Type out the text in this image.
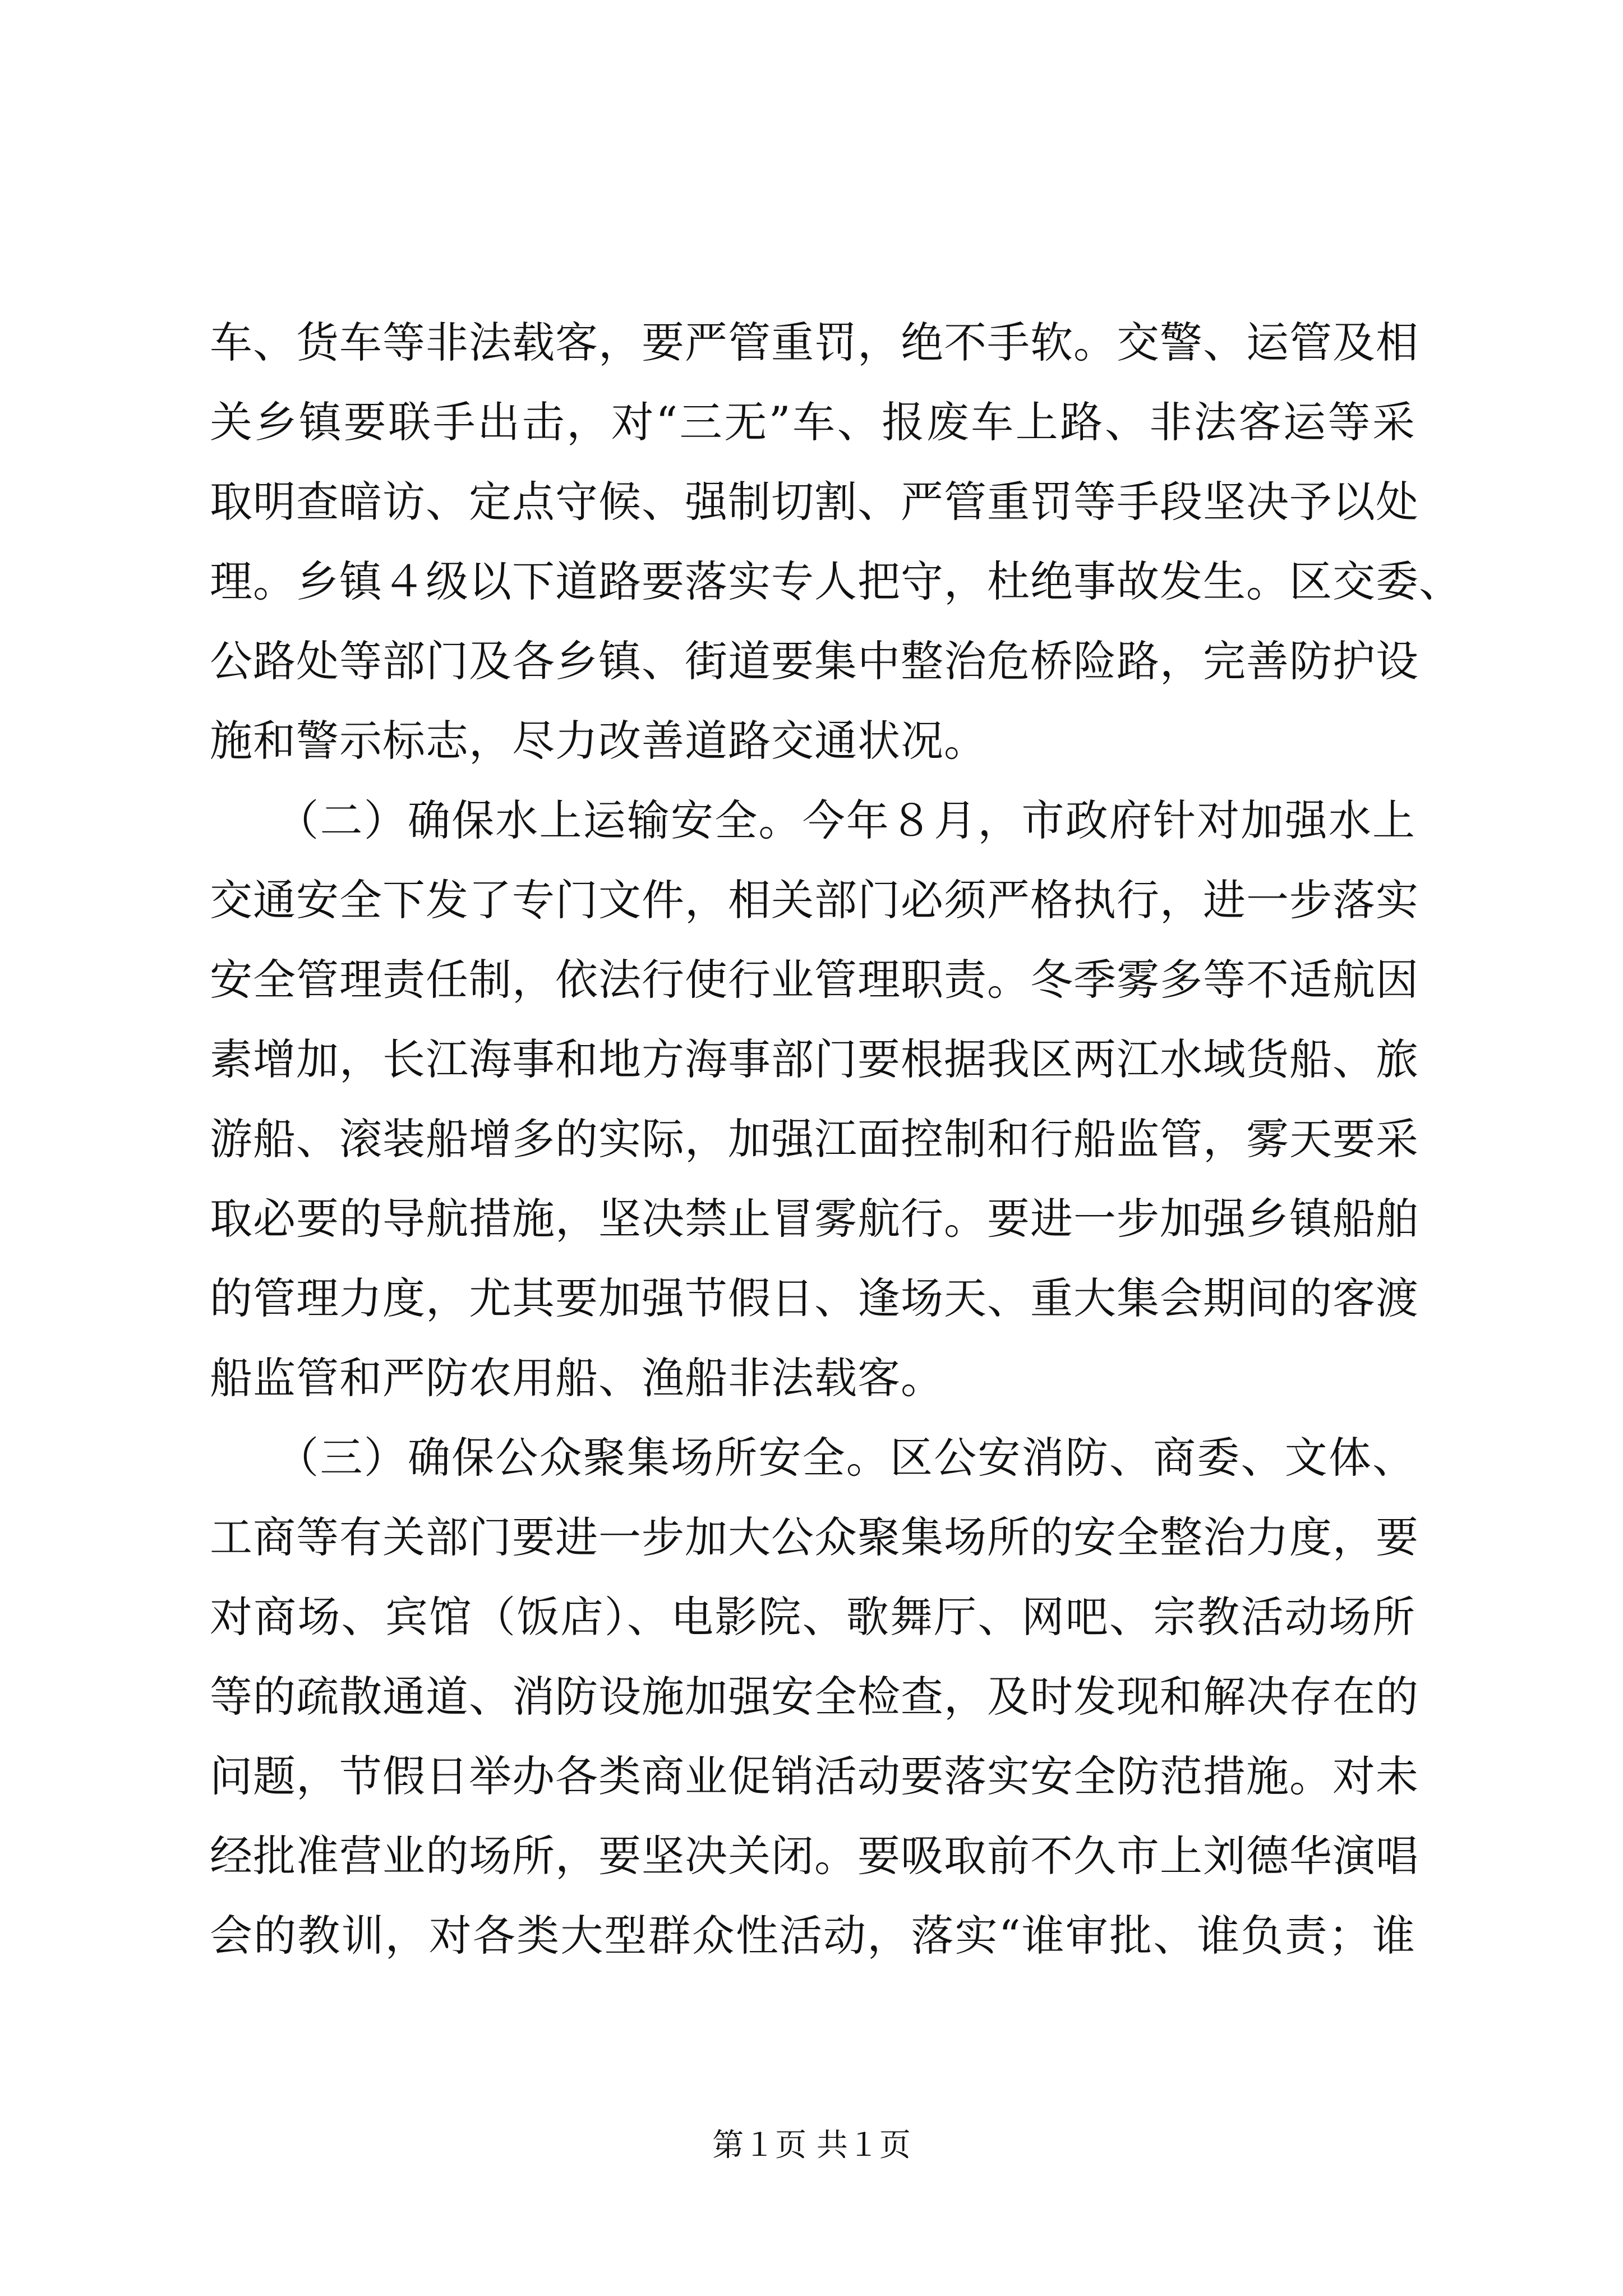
车、货车等非法载客，要严管重罚，绝不手软。交警、运管及相
关乡镇要联手出击，对“三无”车、报废车上路、非法客运等采
取明查暗访、定点守候、强制切割、严管重罚等手段坚决予以处
理。乡镇４级以下道路要落实专人把守，杜绝事故发生。区交委、
公路处等部门及各乡镇、街道要集中整治危桥险路，完善防护设
施和警示标志，尽力改善道路交通状况。
　　（二）确保水上运输安全。今年８月，市政府针对加强水上
交通安全下发了专门文件，相关部门必须严格执行，进一步落实
安全管理责任制，依法行使行业管理职责。冬季雾多等不适航因
素增加，长江海事和地方海事部门要根据我区两江水域货船、旅
游船、滚装船增多的实际，加强江面控制和行船监管，雾天要采
取必要的导航措施，坚决禁止冒雾航行。要进一步加强乡镇船舶
的管理力度，尤其要加强节假日、逢场天、重大集会期间的客渡
船监管和严防农用船、渔船非法载客。
　　（三）确保公众聚集场所安全。区公安消防、商委、文体、
工商等有关部门要进一步加大公众聚集场所的安全整治力度，要
对商场、宾馆（饭店）、电影院、歌舞厅、网吧、宗教活动场所
等的疏散通道、消防设施加强安全检查，及时发现和解决存在的
问题，节假日举办各类商业促销活动要落实安全防范措施。对未
经批准营业的场所，要坚决关闭。要吸取前不久市上刘德华演唱
会的教训，对各类大型群众性活动，落实“谁审批、谁负责；谁
第１页 共１页
